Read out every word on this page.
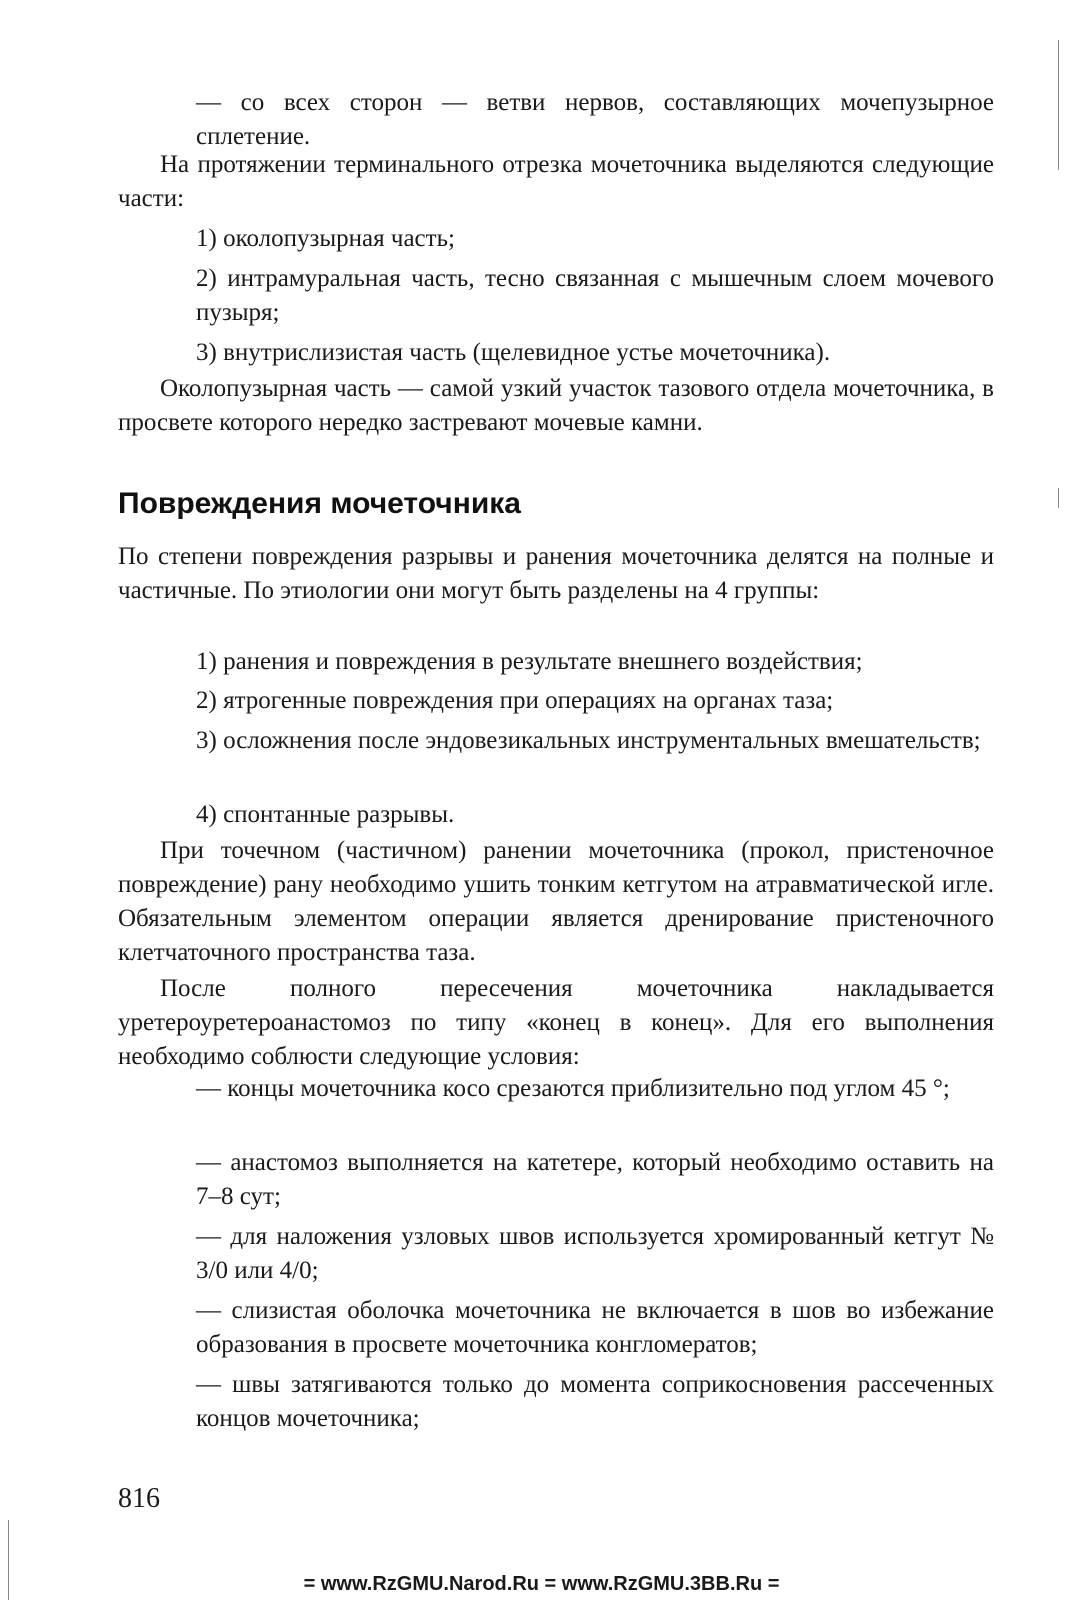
— со всех сторон — ветви нервов, составляющих мочепузырное сплетение.
На протяжении терминального отрезка мочеточника выделяются следующие части:
1) околопузырная часть;
2) интрамуральная часть, тесно связанная с мышечным слоем мочевого пузыря;
3) внутрислизистая часть (щелевидное устье мочеточника).
Околопузырная часть — самой узкий участок тазового отдела мочеточника, в просвете которого нередко застревают мочевые камни.
Повреждения мочеточника
По степени повреждения разрывы и ранения мочеточника делятся на полные и частичные. По этиологии они могут быть разделены на 4 группы:
1) ранения и повреждения в результате внешнего воздействия;
2) ятрогенные повреждения при операциях на органах таза;
3) осложнения после эндовезикальных инструментальных вмешательств;
4) спонтанные разрывы.
При точечном (частичном) ранении мочеточника (прокол, пристеночное повреждение) рану необходимо ушить тонким кетгутом на атравматической игле. Обязательным элементом операции является дренирование пристеночного клетчаточного пространства таза.
После полного пересечения мочеточника накладывается уретероуретероанастомоз по типу «конец в конец». Для его выполнения необходимо соблюсти следующие условия:
— концы мочеточника косо срезаются приблизительно под углом 45 °;
— анастомоз выполняется на катетере, который необходимо оставить на 7–8 сут;
— для наложения узловых швов используется хромированный кетгут № 3/0 или 4/0;
— слизистая оболочка мочеточника не включается в шов во избежание образования в просвете мочеточника конгломератов;
— швы затягиваются только до момента соприкосновения рассеченных концов мочеточника;
816
= www.RzGMU.Narod.Ru = www.RzGMU.3BB.Ru =
